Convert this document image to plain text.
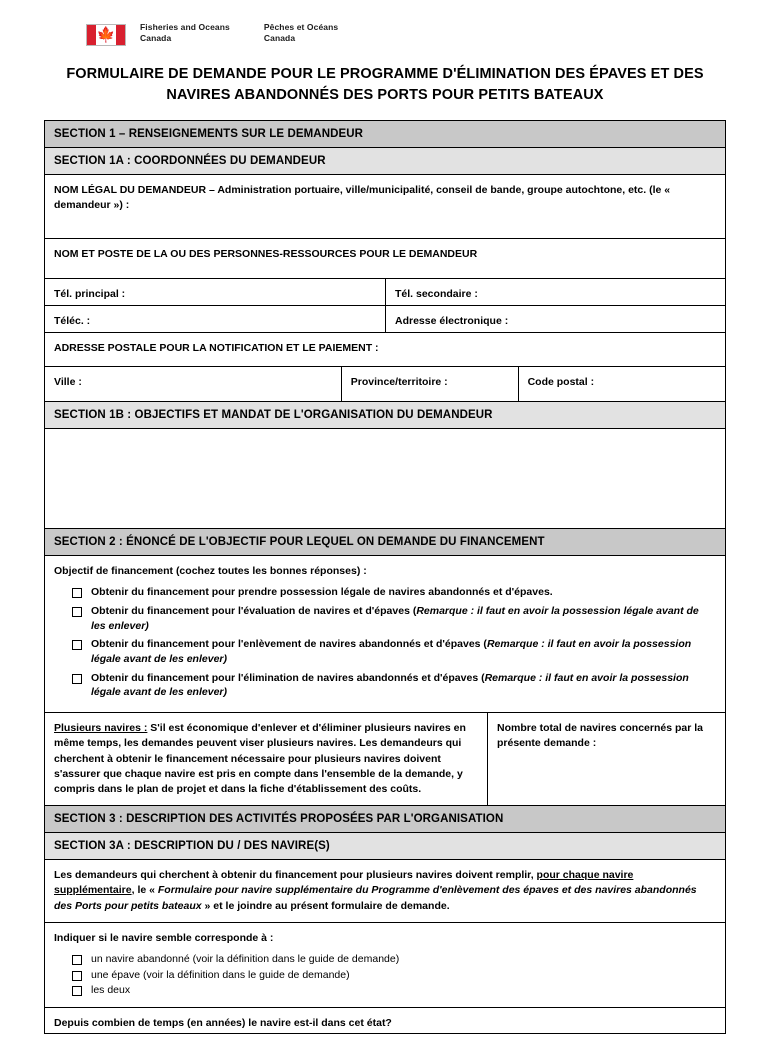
🍁	Fisheries and Oceans
Canada
Pêches et Océans
Canada
FORMULAIRE DE DEMANDE POUR LE PROGRAMME D'ÉLIMINATION DES ÉPAVES ET DES NAVIRES ABANDONNÉS DES PORTS POUR PETITS BATEAUX
SECTION 1 – RENSEIGNEMENTS SUR LE DEMANDEUR
SECTION 1A : COORDONNÉES DU DEMANDEUR
NOM LÉGAL DU DEMANDEUR – Administration portuaire, ville/municipalité, conseil de bande, groupe autochtone, etc. (le « demandeur ») :
NOM ET POSTE DE LA OU DES PERSONNES-RESSOURCES POUR LE DEMANDEUR
Tél. principal :	Tél. secondaire :
Téléc. :	Adresse électronique :
ADRESSE POSTALE POUR LA NOTIFICATION ET LE PAIEMENT :
Ville :	Province/territoire :	Code postal :
SECTION 1B : OBJECTIFS ET MANDAT DE L'ORGANISATION DU DEMANDEUR
SECTION 2 : ÉNONCÉ DE L'OBJECTIF POUR LEQUEL ON DEMANDE DU FINANCEMENT
Objectif de financement (cochez toutes les bonnes réponses) :
Obtenir du financement pour prendre possession légale de navires abandonnés et d'épaves.
Obtenir du financement pour l'évaluation de navires et d'épaves (Remarque : il faut en avoir la possession légale avant de les enlever)
Obtenir du financement pour l'enlèvement de navires abandonnés et d'épaves (Remarque : il faut en avoir la possession légale avant de les enlever)
Obtenir du financement pour l'élimination de navires abandonnés et d'épaves (Remarque : il faut en avoir la possession légale avant de les enlever)
Plusieurs navires : S'il est économique d'enlever et d'éliminer plusieurs navires en même temps, les demandes peuvent viser plusieurs navires. Les demandeurs qui cherchent à obtenir le financement nécessaire pour plusieurs navires doivent s'assurer que chaque navire est pris en compte dans l'ensemble de la demande, y compris dans le plan de projet et dans la fiche d'établissement des coûts.
Nombre total de navires concernés par la présente demande :
SECTION 3 : DESCRIPTION DES ACTIVITÉS PROPOSÉES PAR L'ORGANISATION
SECTION 3A : DESCRIPTION DU / DES NAVIRE(S)
Les demandeurs qui cherchent à obtenir du financement pour plusieurs navires doivent remplir, pour chaque navire supplémentaire, le « Formulaire pour navire supplémentaire du Programme d'enlèvement des épaves et des navires abandonnés des Ports pour petits bateaux » et le joindre au présent formulaire de demande.
Indiquer si le navire semble corresponde à :
un navire abandonné (voir la définition dans le guide de demande)
une épave (voir la définition dans le guide de demande)
les deux
Depuis combien de temps (en années) le navire est-il dans cet état?
